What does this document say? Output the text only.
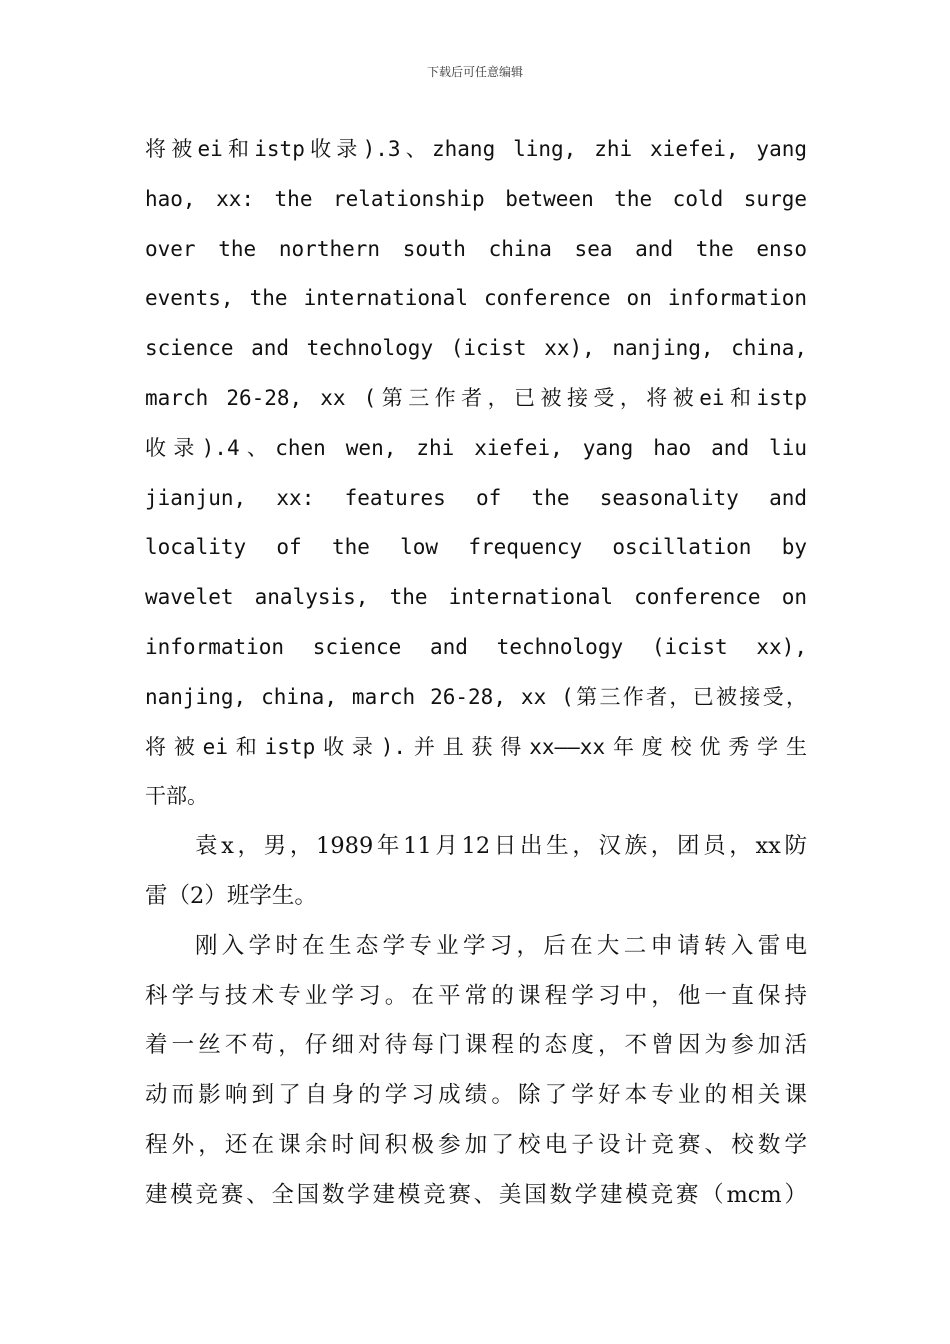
下载后可任意编辑
将被ei和istp收录).3、zhang ling, zhi xiefei, yang
hao, xx: the relationship between the cold surge
over the northern south china sea and the enso
events, the international conference on information
science and technology (icist xx), nanjing, china,
march 26-28, xx (第三作者，已被接受，将被ei和istp
收录).4、chen wen, zhi xiefei, yang hao and liu
jianjun, xx: features of the seasonality and
locality of the low frequency oscillation by
wavelet analysis, the international conference on
information science and technology (icist xx),
nanjing, china, march 26-28, xx (第三作者，已被接受，
将被ei和istp收录).并且获得xx——xx年度校优秀学生
干部。
袁x，男，1989年11月12日出生，汉族，团员，xx防
雷（2）班学生。
刚入学时在生态学专业学习，后在大二申请转入雷电
科学与技术专业学习。在平常的课程学习中，他一直保持
着一丝不苟，仔细对待每门课程的态度，不曾因为参加活
动而影响到了自身的学习成绩。除了学好本专业的相关课
程外，还在课余时间积极参加了校电子设计竞赛、校数学
建模竞赛、全国数学建模竞赛、美国数学建模竞赛（mcm）
